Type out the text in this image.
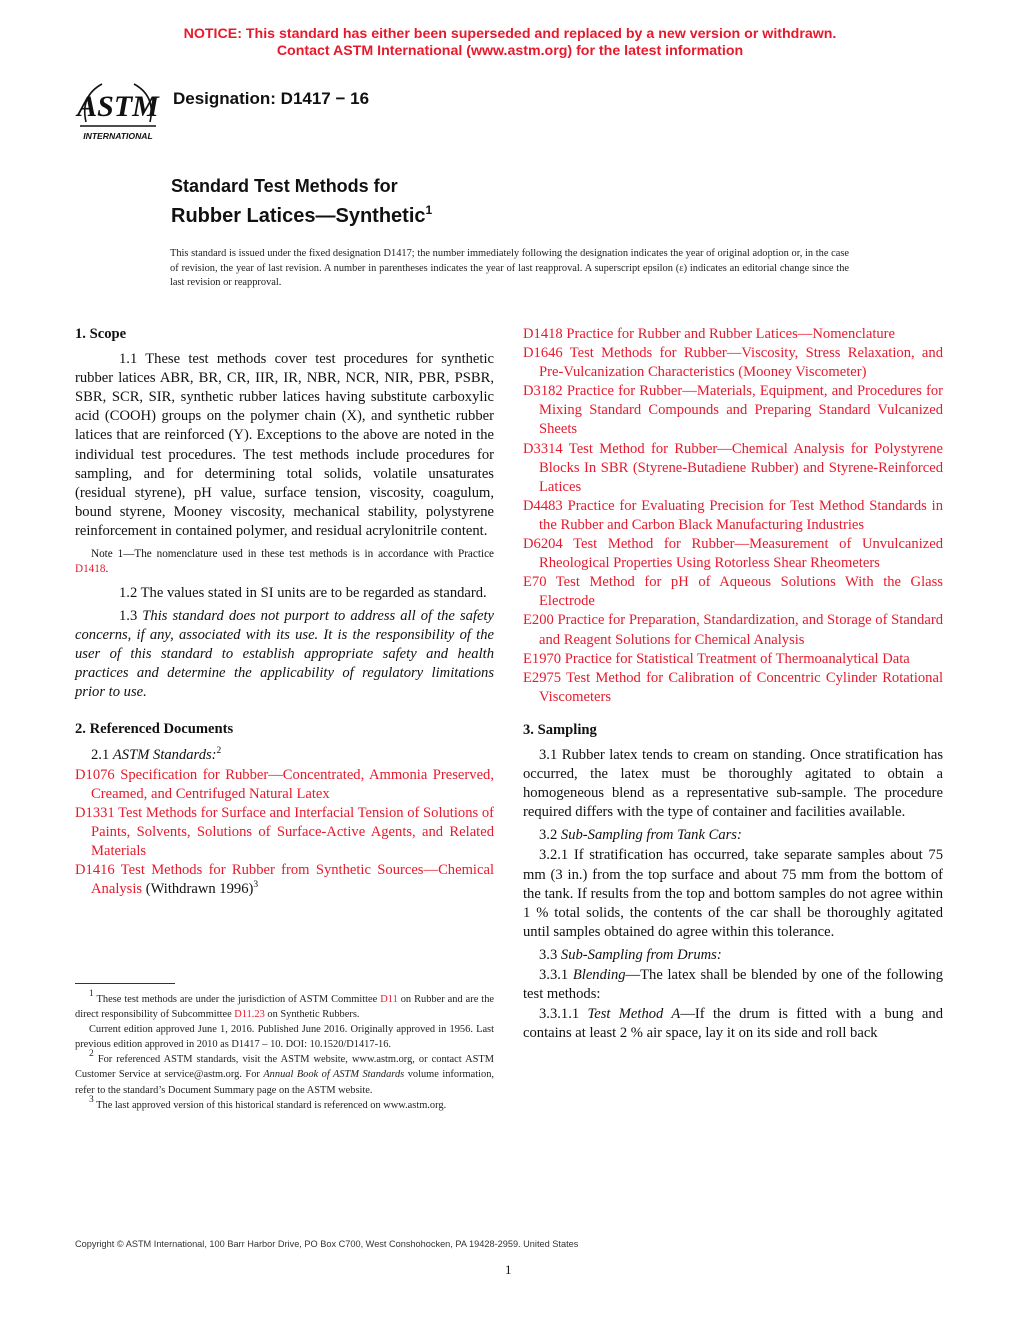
NOTICE: This standard has either been superseded and replaced by a new version or withdrawn.
Contact ASTM International (www.astm.org) for the latest information
ASTM
INTERNATIONAL
Designation: D1417 − 16
Standard Test Methods for
Rubber Latices—Synthetic$^1$
This standard is issued under the fixed designation D1417; the number immediately following the designation indicates the year of original adoption or, in the case of revision, the year of last revision. A number in parentheses indicates the year of last reapproval. A superscript epsilon (ε) indicates an editorial change since the last revision or reapproval.
1. Scope

1.1 These test methods cover test procedures for synthetic rubber latices ABR, BR, CR, IIR, IR, NBR, NCR, NIR, PBR, PSBR, SBR, SCR, SIR, synthetic rubber latices having substitute carboxylic acid (COOH) groups on the polymer chain (X), and synthetic rubber latices that are reinforced (Y). Exceptions to the above are noted in the individual test procedures. The test methods include procedures for sampling, and for determining total solids, volatile unsaturates (residual styrene), pH value, surface tension, viscosity, coagulum, bound styrene, Mooney viscosity, mechanical stability, polystyrene reinforcement in contained polymer, and residual acrylonitrile content.

Note 1—The nomenclature used in these test methods is in accordance with Practice D1418.

1.2 The values stated in SI units are to be regarded as standard.

1.3 This standard does not purport to address all of the safety concerns, if any, associated with its use. It is the responsibility of the user of this standard to establish appropriate safety and health practices and determine the applicability of regulatory limitations prior to use.

2. Referenced Documents

2.1 ASTM Standards:$^2$

D1076 Specification for Rubber—Concentrated, Ammonia Preserved, Creamed, and Centrifuged Natural Latex

D1331 Test Methods for Surface and Interfacial Tension of Solutions of Paints, Solvents, Solutions of Surface-Active Agents, and Related Materials

D1416 Test Methods for Rubber from Synthetic Sources—Chemical Analysis (Withdrawn 1996)$^3$

D1418 Practice for Rubber and Rubber Latices—Nomenclature

D1646 Test Methods for Rubber—Viscosity, Stress Relaxation, and Pre-Vulcanization Characteristics (Mooney Viscometer)

D3182 Practice for Rubber—Materials, Equipment, and Procedures for Mixing Standard Compounds and Preparing Standard Vulcanized Sheets

D3314 Test Method for Rubber—Chemical Analysis for Polystyrene Blocks In SBR (Styrene-Butadiene Rubber) and Styrene-Reinforced Latices

D4483 Practice for Evaluating Precision for Test Method Standards in the Rubber and Carbon Black Manufacturing Industries

D6204 Test Method for Rubber—Measurement of Unvulcanized Rheological Properties Using Rotorless Shear Rheometers

E70 Test Method for pH of Aqueous Solutions With the Glass Electrode

E200 Practice for Preparation, Standardization, and Storage of Standard and Reagent Solutions for Chemical Analysis

E1970 Practice for Statistical Treatment of Thermoanalytical Data

E2975 Test Method for Calibration of Concentric Cylinder Rotational Viscometers

3. Sampling

3.1 Rubber latex tends to cream on standing. Once stratification has occurred, the latex must be thoroughly agitated to obtain a homogeneous blend as a representative sub-sample. The procedure required differs with the type of container and facilities available.

3.2 Sub-Sampling from Tank Cars:

3.2.1 If stratification has occurred, take separate samples about 75 mm (3 in.) from the top surface and about 75 mm from the bottom of the tank. If results from the top and bottom samples do not agree within 1 % total solids, the contents of the car shall be thoroughly agitated until samples obtained do agree within this tolerance.

3.3 Sub-Sampling from Drums:

3.3.1 Blending—The latex shall be blended by one of the following test methods:

3.3.1.1 Test Method A—If the drum is fitted with a bung and contains at least 2 % air space, lay it on its side and roll back

$^1$ These test methods are under the jurisdiction of ASTM Committee D11 on Rubber and are the direct responsibility of Subcommittee D11.23 on Synthetic Rubbers.

Current edition approved June 1, 2016. Published June 2016. Originally approved in 1956. Last previous edition approved in 2010 as D1417 – 10. DOI: 10.1520/D1417-16.

$^2$ For referenced ASTM standards, visit the ASTM website, www.astm.org, or contact ASTM Customer Service at service@astm.org. For Annual Book of ASTM Standards volume information, refer to the standard’s Document Summary page on the ASTM website.

$^3$ The last approved version of this historical standard is referenced on www.astm.org.

Copyright © ASTM International, 100 Barr Harbor Drive, PO Box C700, West Conshohocken, PA 19428-2959. United States
1
